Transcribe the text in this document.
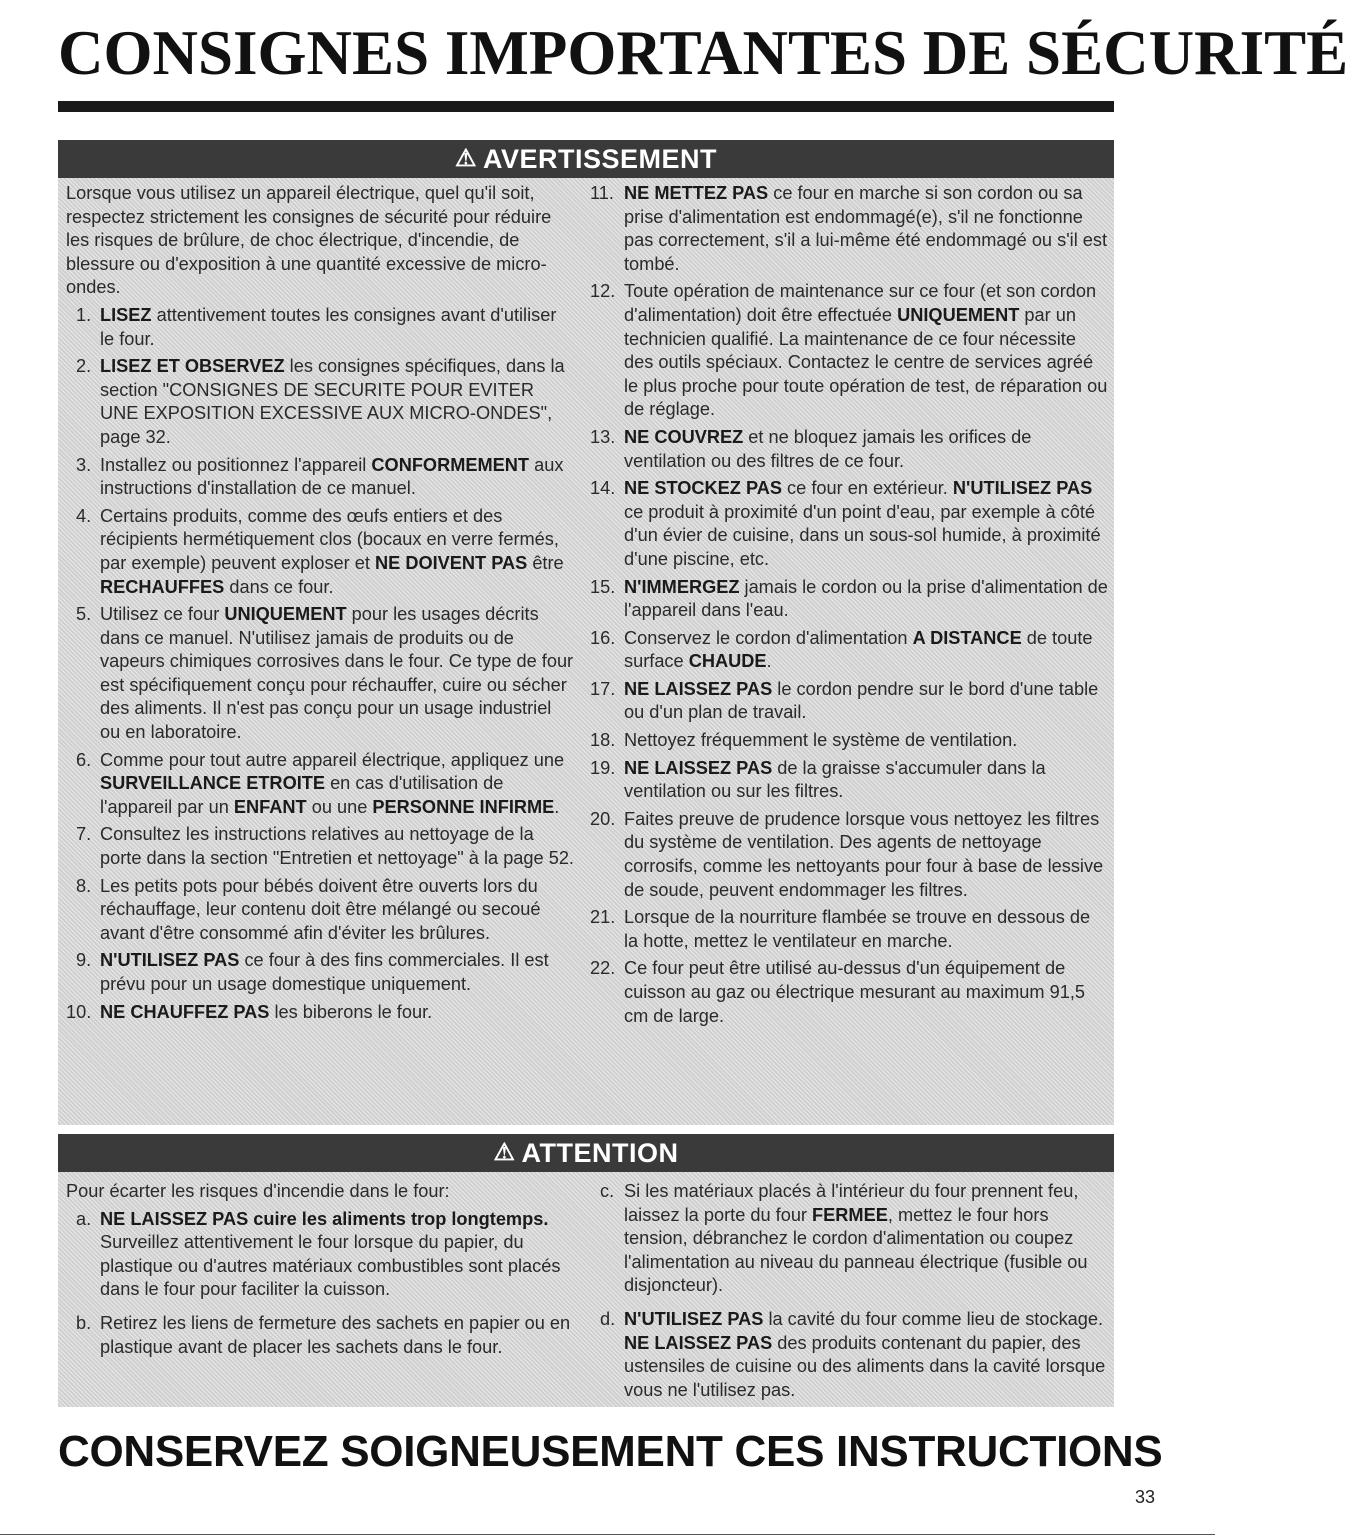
CONSIGNES IMPORTANTES DE SÉCURITÉ
⚠ AVERTISSEMENT

Lorsque vous utilisez un appareil électrique, quel qu'il soit, respectez strictement les consignes de sécurité pour réduire les risques de brûlure, de choc électrique, d'incendie, de blessure ou d'exposition à une quantité excessive de micro-ondes.

1. LISEZ attentivement toutes les consignes avant d'utiliser le four.

2. LISEZ ET OBSERVEZ les consignes spécifiques, dans la section "CONSIGNES DE SECURITE POUR EVITER UNE EXPOSITION EXCESSIVE AUX MICRO-ONDES", page 32.

3. Installez ou positionnez l'appareil CONFORMEMENT aux instructions d'installation de ce manuel.

4. Certains produits, comme des œufs entiers et des récipients hermétiquement clos (bocaux en verre fermés, par exemple) peuvent exploser et NE DOIVENT PAS être RECHAUFFES dans ce four.

5. Utilisez ce four UNIQUEMENT pour les usages décrits dans ce manuel. N'utilisez jamais de produits ou de vapeurs chimiques corrosives dans le four. Ce type de four est spécifiquement conçu pour réchauffer, cuire ou sécher des aliments. Il n'est pas conçu pour un usage industriel ou en laboratoire.

6. Comme pour tout autre appareil électrique, appliquez une SURVEILLANCE ETROITE en cas d'utilisation de l'appareil par un ENFANT ou une PERSONNE INFIRME.

7. Consultez les instructions relatives au nettoyage de la porte dans la section "Entretien et nettoyage" à la page 52.

8. Les petits pots pour bébés doivent être ouverts lors du réchauffage, leur contenu doit être mélangé ou secoué avant d'être consommé afin d'éviter les brûlures.

9. N'UTILISEZ PAS ce four à des fins commerciales. Il est prévu pour un usage domestique uniquement.

10. NE CHAUFFEZ PAS les biberons le four.

11. NE METTEZ PAS ce four en marche si son cordon ou sa prise d'alimentation est endommagé(e), s'il ne fonctionne pas correctement, s'il a lui-même été endommagé ou s'il est tombé.

12. Toute opération de maintenance sur ce four (et son cordon d'alimentation) doit être effectuée UNIQUEMENT par un technicien qualifié. La maintenance de ce four nécessite des outils spéciaux. Contactez le centre de services agréé le plus proche pour toute opération de test, de réparation ou de réglage.

13. NE COUVREZ et ne bloquez jamais les orifices de ventilation ou des filtres de ce four.

14. NE STOCKEZ PAS ce four en extérieur. N'UTILISEZ PAS ce produit à proximité d'un point d'eau, par exemple à côté d'un évier de cuisine, dans un sous-sol humide, à proximité d'une piscine, etc.

15. N'IMMERGEZ jamais le cordon ou la prise d'alimentation de l'appareil dans l'eau.

16. Conservez le cordon d'alimentation A DISTANCE de toute surface CHAUDE.

17. NE LAISSEZ PAS le cordon pendre sur le bord d'une table ou d'un plan de travail.

18. Nettoyez fréquemment le système de ventilation.

19. NE LAISSEZ PAS de la graisse s'accumuler dans la ventilation ou sur les filtres.

20. Faites preuve de prudence lorsque vous nettoyez les filtres du système de ventilation. Des agents de nettoyage corrosifs, comme les nettoyants pour four à base de lessive de soude, peuvent endommager les filtres.

21. Lorsque de la nourriture flambée se trouve en dessous de la hotte, mettez le ventilateur en marche.

22. Ce four peut être utilisé au-dessus d'un équipement de cuisson au gaz ou électrique mesurant au maximum 91,5 cm de large.

⚠ ATTENTION

Pour écarter les risques d'incendie dans le four:

a. NE LAISSEZ PAS cuire les aliments trop longtemps. Surveillez attentivement le four lorsque du papier, du plastique ou d'autres matériaux combustibles sont placés dans le four pour faciliter la cuisson.

b. Retirez les liens de fermeture des sachets en papier ou en plastique avant de placer les sachets dans le four.

c. Si les matériaux placés à l'intérieur du four prennent feu, laissez la porte du four FERMEE, mettez le four hors tension, débranchez le cordon d'alimentation ou coupez l'alimentation au niveau du panneau électrique (fusible ou disjoncteur).

d. N'UTILISEZ PAS la cavité du four comme lieu de stockage. NE LAISSEZ PAS des produits contenant du papier, des ustensiles de cuisine ou des aliments dans la cavité lorsque vous ne l'utilisez pas.

CONSERVEZ SOIGNEUSEMENT CES INSTRUCTIONS
33
